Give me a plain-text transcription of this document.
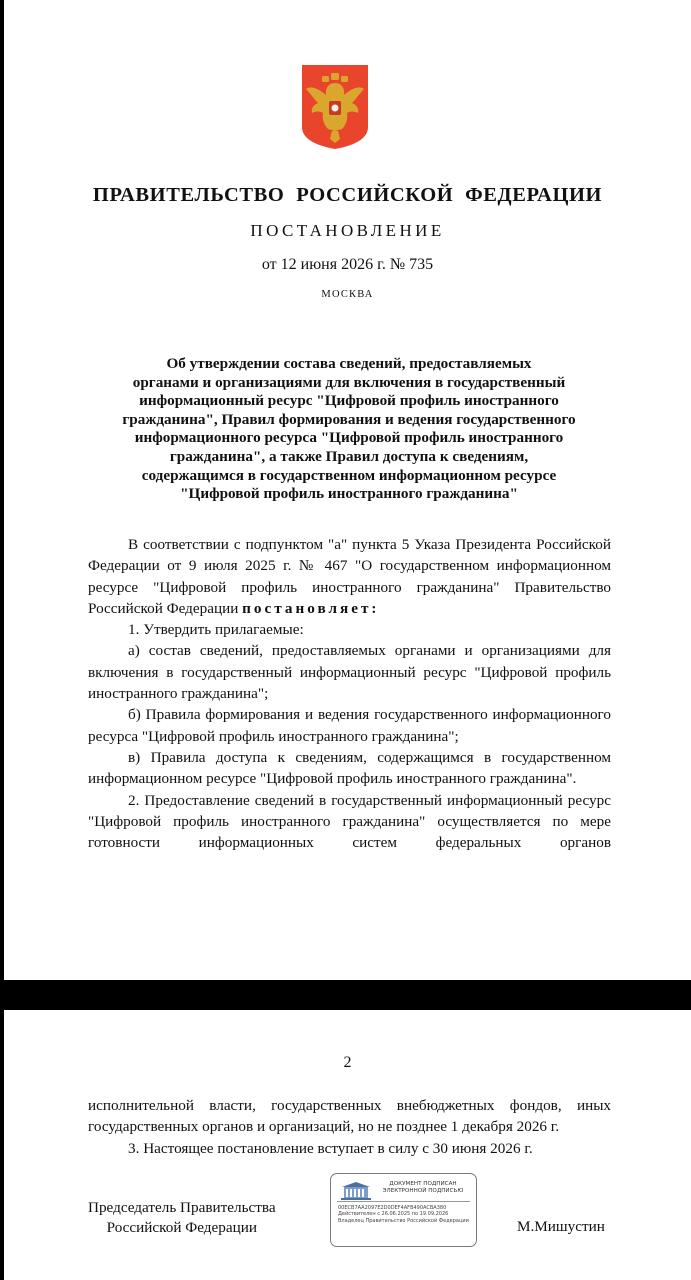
ПРАВИТЕЛЬСТВО РОССИЙСКОЙ ФЕДЕРАЦИИ
ПОСТАНОВЛЕНИЕ
от 12 июня 2026 г. № 735
МОСКВА
Об утверждении состава сведений, предоставляемых
органами и организациями для включения в государственный
информационный ресурс "Цифровой профиль иностранного
гражданина", Правил формирования и ведения государственного
информационного ресурса "Цифровой профиль иностранного
гражданина", а также Правил доступа к сведениям,
содержащимся в государственном информационном ресурсе
"Цифровой профиль иностранного гражданина"

В соответствии с подпунктом "а" пункта 5 Указа Президента Российской Федерации от 9 июля 2025 г. № 467 "О государственном информационном ресурсе "Цифровой профиль иностранного гражданина" Правительство Российской Федерации постановляет:

1. Утвердить прилагаемые:

а) состав сведений, предоставляемых органами и организациями для включения в государственный информационный ресурс "Цифровой профиль иностранного гражданина";

б) Правила формирования и ведения государственного информационного ресурса "Цифровой профиль иностранного гражданина";

в) Правила доступа к сведениям, содержащимся в государственном информационном ресурсе "Цифровой профиль иностранного гражданина".

2. Предоставление сведений в государственный информационный ресурс "Цифровой профиль иностранного гражданина" осуществляется по мере готовности информационных систем федеральных органов

2

исполнительной власти, государственных внебюджетных фондов, иных государственных органов и организаций, но не позднее 1 декабря 2026 г.

3. Настоящее постановление вступает в силу с 30 июня 2026 г.

Председатель Правительства
Российской Федерации
ДОКУМЕНТ ПОДПИСАН ЭЛЕКТРОННОЙ ПОДПИСЬЮ
00ECB7AA2097E2D0DEF4AFB490ACBA380
Действителен с 26.06.2025 по 19.09.2026
Владелец Правительство Российской Федерации	М.Мишустин
